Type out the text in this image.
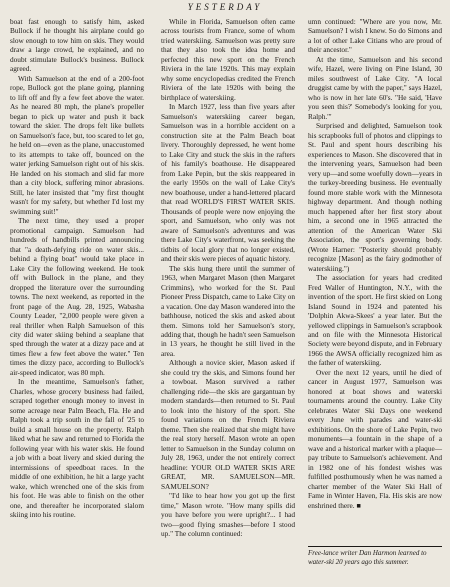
YESTERDAY

boat fast enough to satisfy him, asked Bullock if he thought his airplane could go slow enough to tow him on skis. They would draw a large crowd, he explained, and no doubt stimulate Bullock's business. Bullock agreed.

With Samuelson at the end of a 200-foot rope, Bullock got the plane going, planning to lift off and fly a few feet above the water. As he neared 80 mph, the plane's propeller began to pick up water and push it back toward the skier. The drops felt like bullets on Samuelson's face, but, too scared to let go, he held on—even as the plane, unaccustomed to its attempts to take off, bounced on the water jerking Samuelson right out of his skis. He landed on his stomach and slid far more than a city block, suffering minor abrasions. Still, he later insisted that "my first thought wasn't for my safety, but whether I'd lost my swimming suit!"

The next time, they used a proper promotional campaign. Samuelson had hundreds of handbills printed announcing that "a death-defying ride on water skis... behind a flying boat" would take place in Lake City the following weekend. He took off with Bullock in the plane, and they dropped the literature over the surrounding towns. The next weekend, as reported in the front page of the Aug. 28, 1925, Wabasha County Leader, "2,000 people were given a real thriller when Ralph Samuelson of this city did water skiing behind a seaplane that sped through the water at a dizzy pace and at times flew a few feet above the water." Ten times the dizzy pace, according to Bullock's air-speed indicator, was 80 mph.

In the meantime, Samuelson's father, Charles, whose grocery business had failed, scraped together enough money to invest in some acreage near Palm Beach, Fla. He and Ralph took a trip south in the fall of '25 to build a small house on the property. Ralph liked what he saw and returned to Florida the following year with his water skis. He found a job with a boat livery and skied during the intermissions of speedboat races. In the middle of one exhibition, he hit a large yacht wake, which wrenched one of the skis from his foot. He was able to finish on the other one, and thereafter he incorporated slalom skiing into his routine.

While in Florida, Samuelson often came across tourists from France, some of whom tried waterskiing. Samuelson was pretty sure that they also took the idea home and perfected this new sport on the French Riviera in the late 1920s. This may explain why some encyclopedias credited the French Riviera of the late 1920s with being the birthplace of waterskiing.

In March 1927, less than five years after Samuelson's waterskiing career began, Samuelson was in a horrible accident on a construction site at the Palm Beach boat livery. Thoroughly depressed, he went home to Lake City and stuck the skis in the rafters of his family's boathouse. He disappeared from Lake Pepin, but the skis reappeared in the early 1950s on the wall of Lake City's new boathouse, under a hand-lettered placard that read WORLD'S FIRST WATER SKIS. Thousands of people were now enjoying the sport, and Samuelson, who only was not aware of Samuelson's adventures and was there Lake City's waterfront, was seeking the tidbits of local glory that no longer existed, and their skis were pieces of aquatic history.

The skis hung there until the summer of 1963, when Margaret Mason (then Margaret Crimmins), who worked for the St. Paul Pioneer Press Dispatch, came to Lake City on a vacation. One day Mason wandered into the bathhouse, noticed the skis and asked about them. Simons told her Samuelson's story, adding that, though he hadn't seen Samuelson in 13 years, he thought he still lived in the area.

Although a novice skier, Mason asked if she could try the skis, and Simons found her a towboat. Mason survived a rather challenging ride—the skis are gargantuan by modern standards—then returned to St. Paul to look into the history of the sport. She found variations on the French Riviera theme. Then she realized that she might have the real story herself. Mason wrote an open letter to Samuelson in the Sunday column on July 28, 1963, under the not entirely correct headline: YOUR OLD WATER SKIS ARE GREAT, MR. SAMUELSON—MR. SAMUELSON?

"I'd like to hear how you got up the first time," Mason wrote. "How many spills did you have before you were upright?... I had two—good flying smashes—before I stood up." The column continued:

umn continued: "Where are you now, Mr. Samuelson? I wish I knew. So do Simons and a lot of other Lake Citians who are proud of their ancestor."

At the time, Samuelson and his second wife, Hazel, were living on Pine Island, 30 miles southwest of Lake City. "A local druggist came by with the paper," says Hazel, who is now in her late 60's. "He said, 'Have you seen this?' Somebody's looking for you, Ralph.'"

Surprised and delighted, Samuelson took his scrapbooks full of photos and clippings to St. Paul and spent hours describing his experiences to Mason. She discovered that in the intervening years, Samuelson had been very up—and some woefully down—years in the turkey-breeding business. He eventually found more stable work with the Minnesota highway department. And though nothing much happened after her first story about him, a second one in 1965 attracted the attention of the American Water Ski Association, the sport's governing body. (Wrote Harner: "Posterity should probably recognize [Mason] as the fairy godmother of waterskiing.")

The association for years had credited Fred Waller of Huntington, N.Y., with the invention of the sport. He first skied on Long Island Sound in 1924 and patented his 'Dolphin Akwa-Skees' a year later. But the yellowed clippings in Samuelson's scrapbook and on file with the Minnesota Historical Society were beyond dispute, and in February 1966 the AWSA officially recognized him as the father of waterskiing.

Over the next 12 years, until he died of cancer in August 1977, Samuelson was honored at boat shows and waterski tournaments around the country. Lake City celebrates Water Ski Days one weekend every June with parades and water-ski exhibitions. On the shore of Lake Pepin, two monuments—a fountain in the shape of a wave and a historical marker with a plaque—pay tribute to Samuelson's achievement. And in 1982 one of his fondest wishes was fulfilled posthumously when he was named a charter member of the Water Ski Hall of Fame in Winter Haven, Fla. His skis are now enshrined there. ■

Free-lance writer Dan Harmon learned to water-ski 20 years ago this summer.
